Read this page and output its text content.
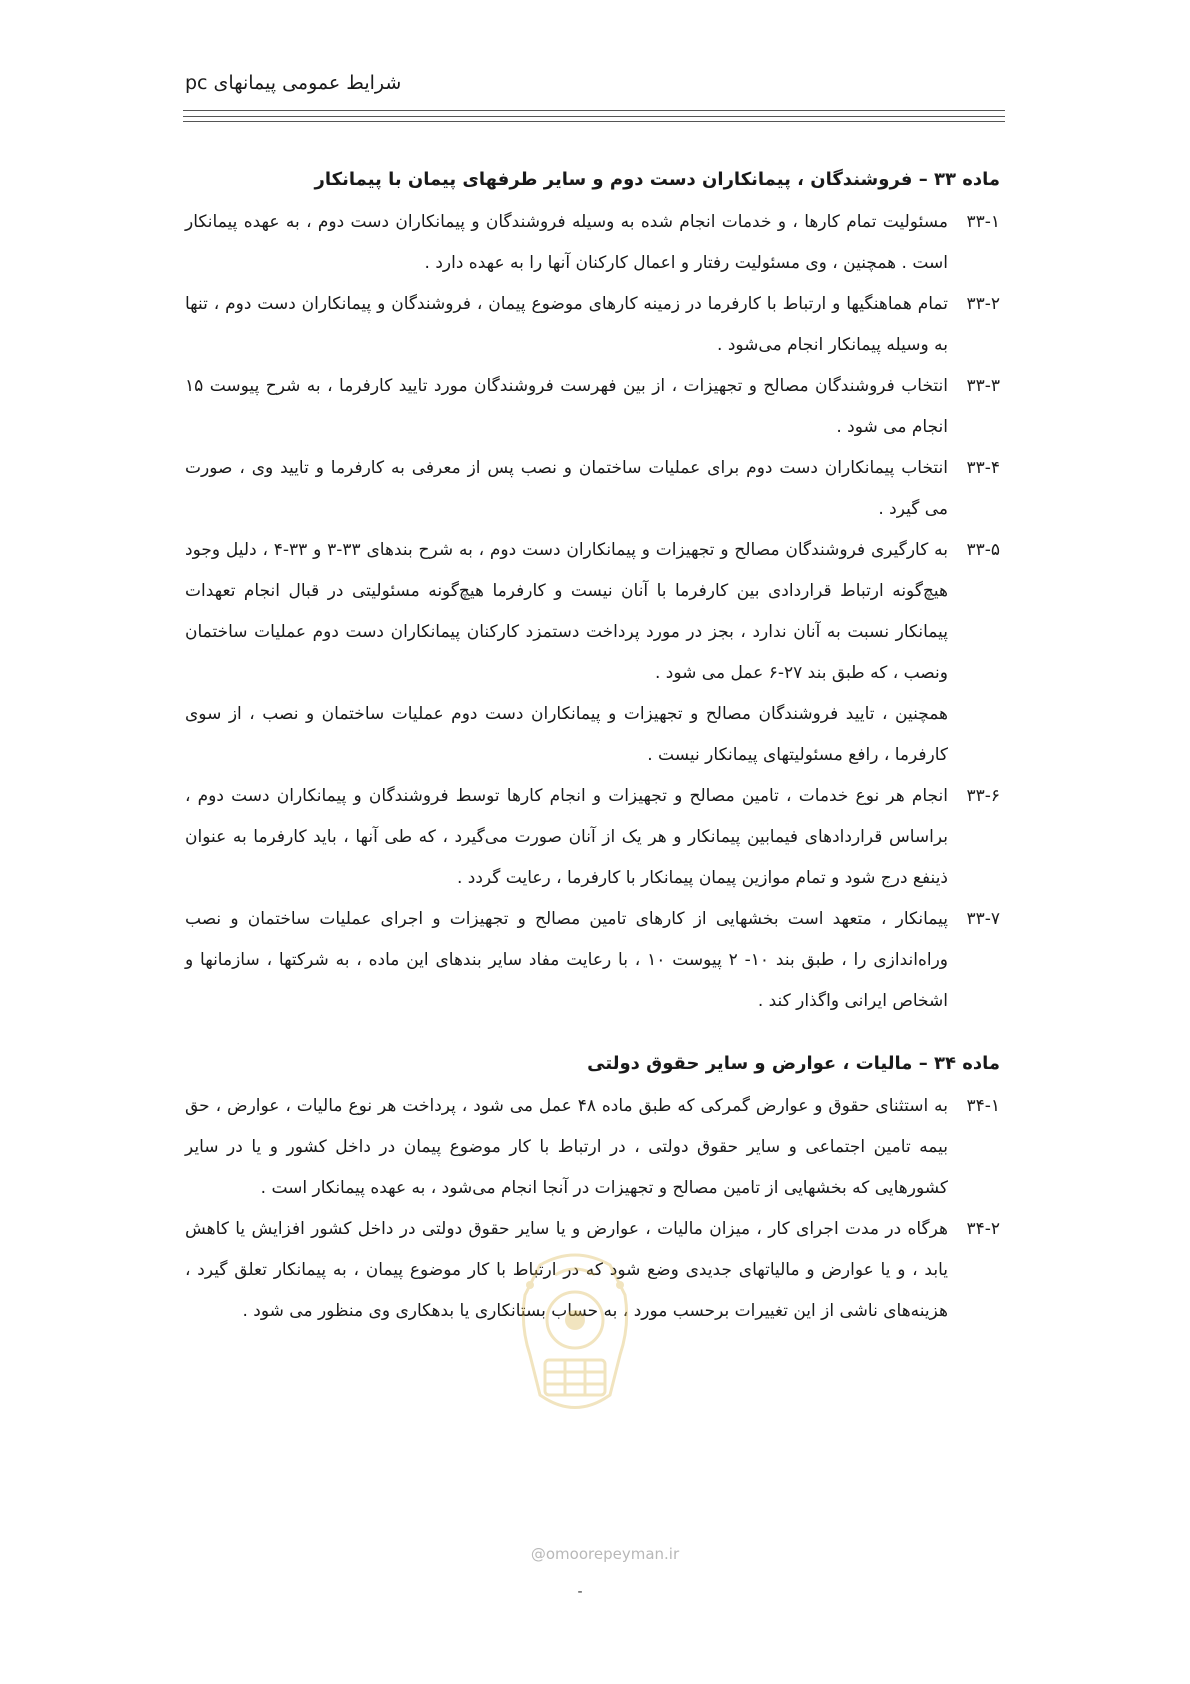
شرایط عمومی پیمانهای pc
ماده ۳۳ – فروشندگان ، پیمانکاران دست دوم و سایر طرفهای پیمان با پیمانکار

۳۳-۱
مسئولیت تمام کارها ، و خدمات انجام شده به وسیله فروشندگان و پیمانکاران دست دوم ، به عهده پیمانکار است . همچنین ، وی مسئولیت رفتار و اعمال کارکنان آنها را به عهده دارد .

۳۳-۲
تمام هماهنگیها و ارتباط با کارفرما در زمینه کارهای موضوع پیمان ، فروشندگان و پیمانکاران دست دوم ، تنها به وسیله پیمانکار انجام می‌شود .

۳۳-۳
انتخاب فروشندگان مصالح و تجهیزات ، از بین فهرست فروشندگان مورد تایید کارفرما ، به شرح پیوست ۱۵ انجام می شود .

۳۳-۴
انتخاب پیمانکاران دست دوم برای عملیات ساختمان و نصب پس از معرفی به کارفرما و تایید وی ، صورت می گیرد .

۳۳-۵
به کارگیری فروشندگان مصالح و تجهیزات و پیمانکاران دست دوم ، به شرح بندهای ۳۳-۳ و ۳۳-۴ ، دلیل وجود هیچ‌گونه ارتباط قراردادی بین کارفرما با آنان نیست و کارفرما هیچ‌گونه مسئولیتی در قبال انجام تعهدات پیمانکار نسبت به آنان ندارد ، بجز در مورد پرداخت دستمزد کارکنان پیمانکاران دست دوم عملیات ساختمان ونصب ، که طبق بند ۲۷-۶ عمل می شود .

همچنین ، تایید فروشندگان مصالح و تجهیزات و پیمانکاران دست دوم عملیات ساختمان و نصب ، از سوی کارفرما ، رافع مسئولیتهای پیمانکار نیست .

۳۳-۶
انجام هر نوع خدمات ، تامین مصالح و تجهیزات و انجام کارها توسط فروشندگان و پیمانکاران دست دوم ، براساس قراردادهای فیمابین پیمانکار و هر یک از آنان صورت می‌گیرد ، که طی آنها ، باید کارفرما به عنوان ذینفع درج شود و تمام موازین پیمان پیمانکار با کارفرما ، رعایت گردد .

۳۳-۷
پیمانکار ، متعهد است بخشهایی از کارهای تامین مصالح و تجهیزات و اجرای عملیات ساختمان و نصب وراه‌اندازی را ، طبق بند ۱۰- ۲ پیوست ۱۰ ، با رعایت مفاد سایر بندهای این ماده ، به شرکتها ، سازمانها و اشخاص ایرانی واگذار کند .

ماده ۳۴ – مالیات ، عوارض و سایر حقوق دولتی

۳۴-۱
به استثنای حقوق و عوارض گمرکی که طبق ماده ۴۸ عمل می شود ، پرداخت هر نوع مالیات ، عوارض ، حق بیمه تامین اجتماعی و سایر حقوق دولتی ، در ارتباط با کار موضوع پیمان در داخل کشور و یا در سایر کشورهایی که بخشهایی از تامین مصالح و تجهیزات در آنجا انجام می‌شود ، به عهده پیمانکار است .

۳۴-۲
هرگاه در مدت اجرای کار ، میزان مالیات ، عوارض و یا سایر حقوق دولتی در داخل کشور افزایش یا کاهش یابد ، و یا عوارض و مالیاتهای جدیدی وضع شود که در ارتباط با کار موضوع پیمان ، به پیمانکار تعلق گیرد ، هزینه‌های ناشی از این تغییرات برحسب مورد ، به حساب بستانکاری یا بدهکاری وی منظور می شود .

@omoorepeyman.ir
-
